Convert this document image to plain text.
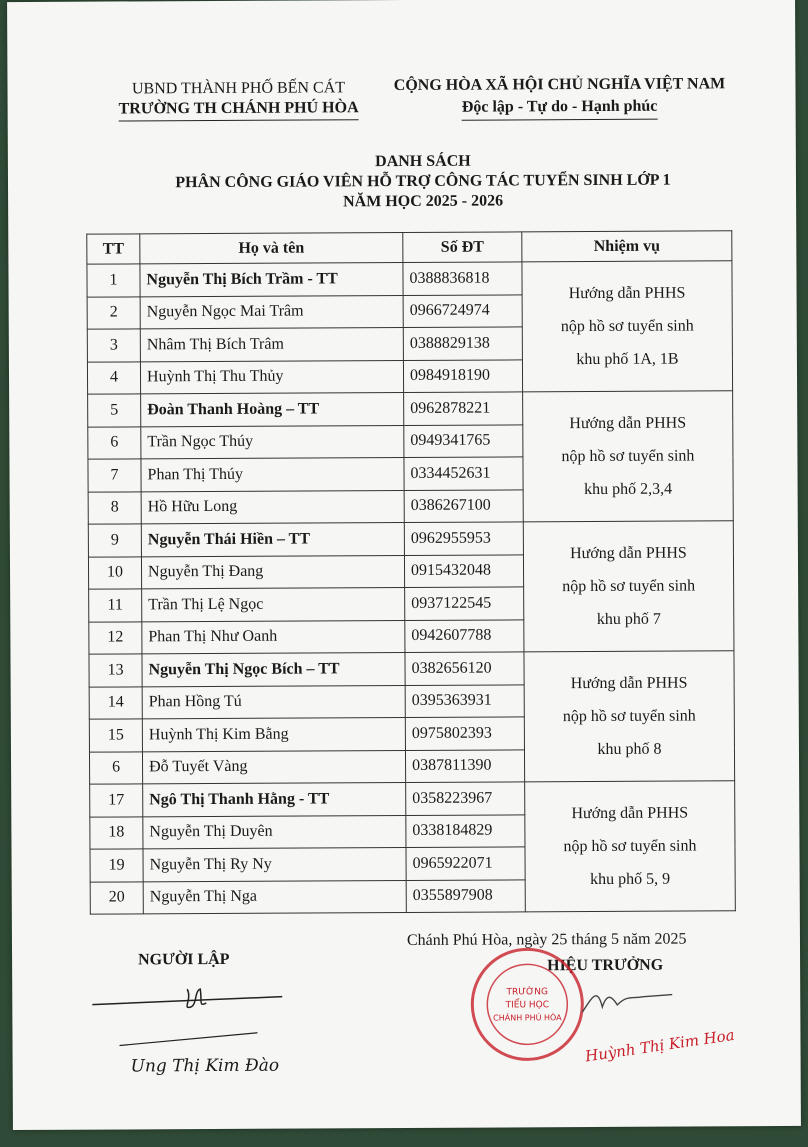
UBND THÀNH PHỐ BẾN CÁT
TRƯỜNG TH CHÁNH PHÚ HÒA
CỘNG HÒA XÃ HỘI CHỦ NGHĨA VIỆT NAM
Độc lập - Tự do - Hạnh phúc
DANH SÁCH
PHÂN CÔNG GIÁO VIÊN HỖ TRỢ CÔNG TÁC TUYỂN SINH LỚP 1
NĂM HỌC 2025 - 2026
TT	Họ và tên	Số ĐT	Nhiệm vụ
1	Nguyễn Thị Bích Trầm - TT	0388836818	Hướng dẫn PHHS
nộp hồ sơ tuyển sinh
khu phố 1A, 1B

2	Nguyễn Ngọc Mai Trâm	0966724974	
3	Nhâm Thị Bích Trâm	0388829138	
4	Huỳnh Thị Thu Thủy	0984918190	
5	Đoàn Thanh Hoàng – TT	0962878221	Hướng dẫn PHHS
nộp hồ sơ tuyển sinh
khu phố 2,3,4

6	Trần Ngọc Thúy	0949341765	
7	Phan Thị Thúy	0334452631	
8	Hồ Hữu Long	0386267100	
9	Nguyễn Thái Hiền – TT	0962955953	Hướng dẫn PHHS
nộp hồ sơ tuyển sinh
khu phố 7

10	Nguyễn Thị Đang	0915432048	
11	Trần Thị Lệ Ngọc	0937122545	
12	Phan Thị Như Oanh	0942607788	
13	Nguyễn Thị Ngọc Bích – TT	0382656120	Hướng dẫn PHHS
nộp hồ sơ tuyển sinh
khu phố 8

14	Phan Hồng Tú	0395363931	
15	Huỳnh Thị Kim Bằng	0975802393	
6	Đỗ Tuyết Vàng	0387811390	
17	Ngô Thị Thanh Hằng - TT	0358223967	Hướng dẫn PHHS
nộp hồ sơ tuyển sinh
khu phố 5, 9

18	Nguyễn Thị Duyên	0338184829	
19	Nguyễn Thị Ry Ny	0965922071	
20	Nguyễn Thị Nga	0355897908	
Chánh Phú Hòa, ngày 25 tháng 5 năm 2025
NGƯỜI LẬP	HIỆU TRƯỞNG
Ung Thị Kim Đào
TRƯỜNG
TIỂU HỌC
CHÁNH PHÚ HÒA
Huỳnh Thị Kim Hoa
